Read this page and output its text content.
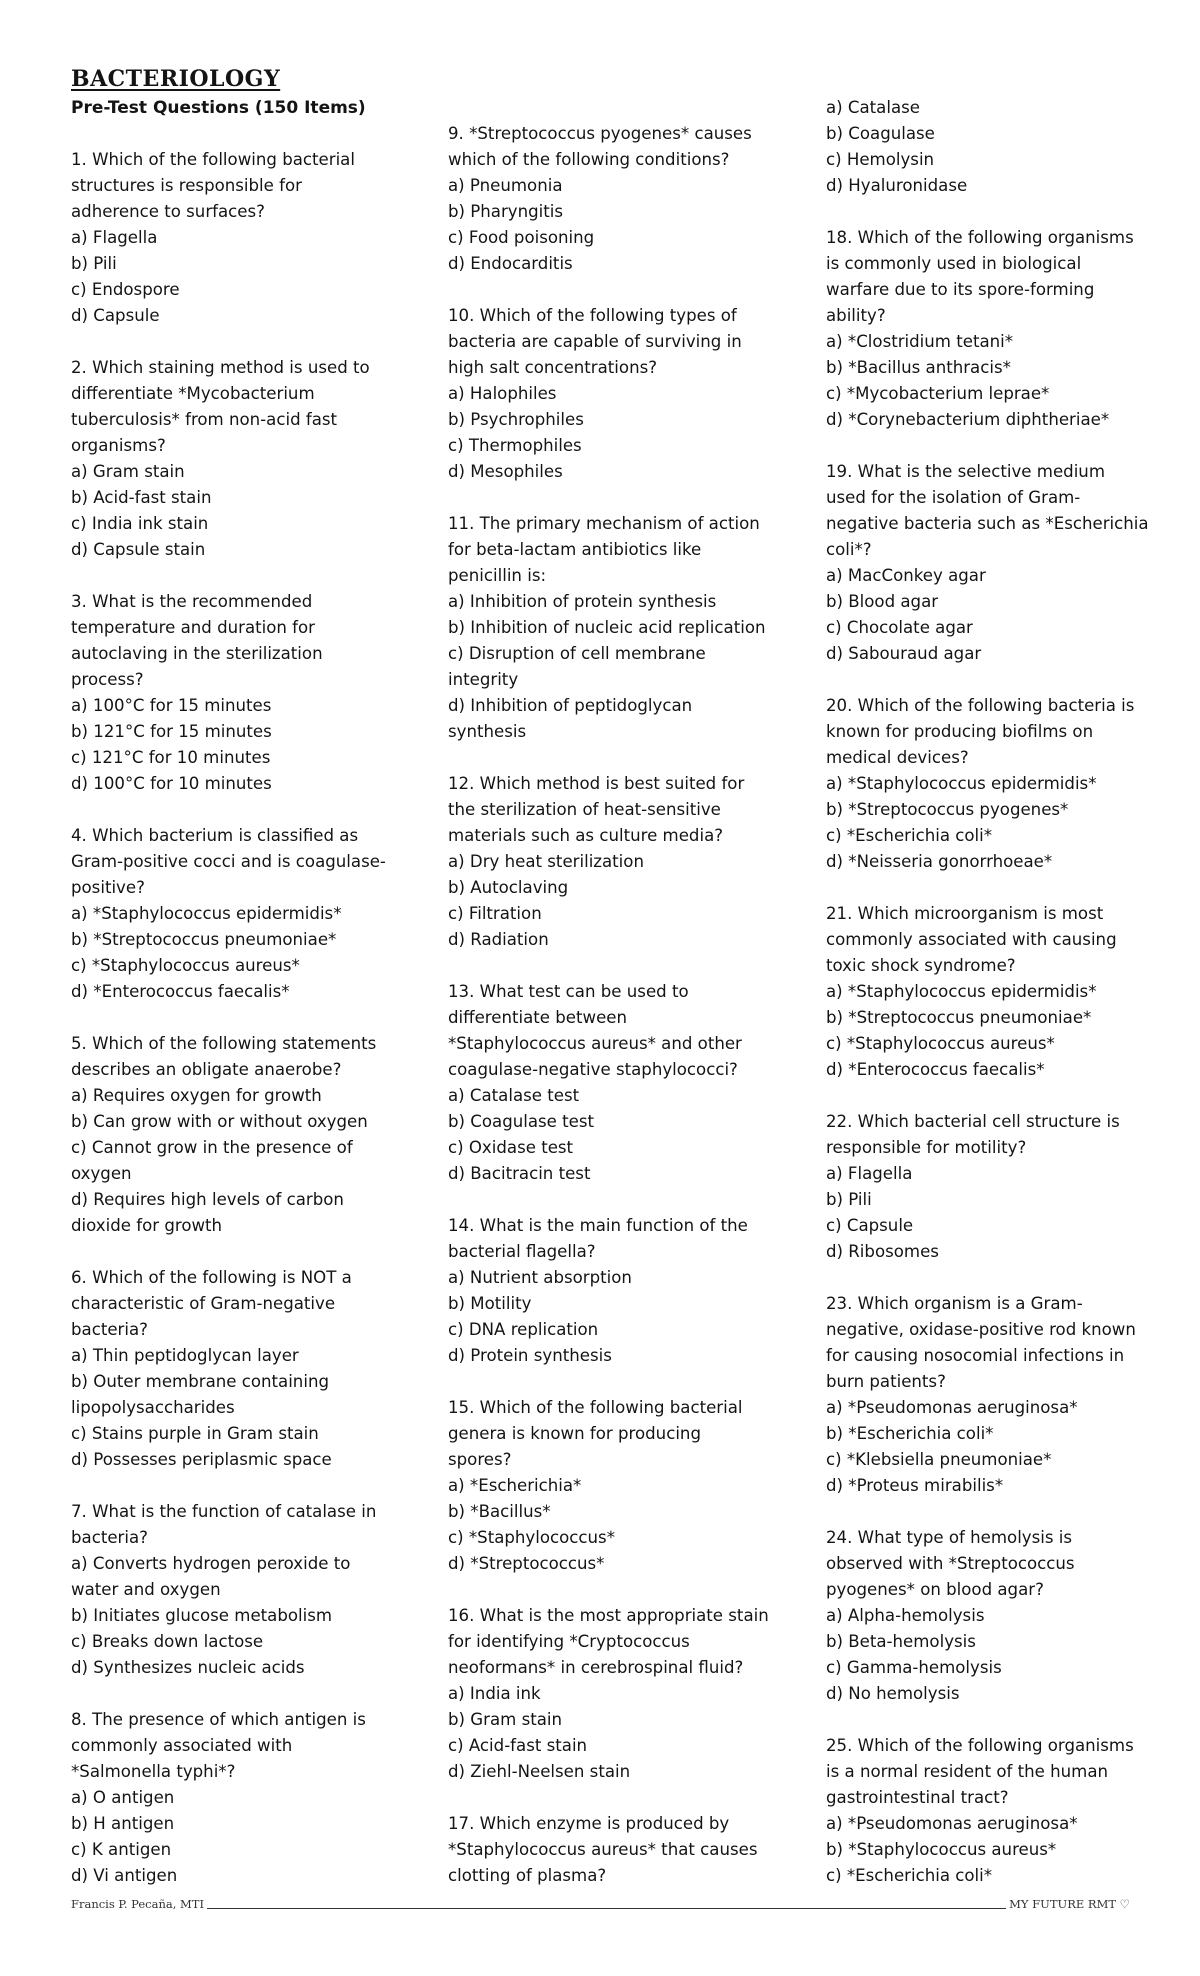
BACTERIOLOGY
Pre-Test Questions (150 Items)
1. Which of the following bacterial
structures is responsible for
adherence to surfaces?
a) Flagella
b) Pili
c) Endospore
d) Capsule
2. Which staining method is used to
differentiate *Mycobacterium
tuberculosis* from non-acid fast
organisms?
a) Gram stain
b) Acid-fast stain
c) India ink stain
d) Capsule stain
3. What is the recommended
temperature and duration for
autoclaving in the sterilization
process?
a) 100°C for 15 minutes
b) 121°C for 15 minutes
c) 121°C for 10 minutes
d) 100°C for 10 minutes
4. Which bacterium is classified as
Gram-positive cocci and is coagulase-
positive?
a) *Staphylococcus epidermidis*
b) *Streptococcus pneumoniae*
c) *Staphylococcus aureus*
d) *Enterococcus faecalis*
5. Which of the following statements
describes an obligate anaerobe?
a) Requires oxygen for growth
b) Can grow with or without oxygen
c) Cannot grow in the presence of
oxygen
d) Requires high levels of carbon
dioxide for growth
6. Which of the following is NOT a
characteristic of Gram-negative
bacteria?
a) Thin peptidoglycan layer
b) Outer membrane containing
lipopolysaccharides
c) Stains purple in Gram stain
d) Possesses periplasmic space
7. What is the function of catalase in
bacteria?
a) Converts hydrogen peroxide to
water and oxygen
b) Initiates glucose metabolism
c) Breaks down lactose
d) Synthesizes nucleic acids
8. The presence of which antigen is
commonly associated with
*Salmonella typhi*?
a) O antigen
b) H antigen
c) K antigen
d) Vi antigen
9. *Streptococcus pyogenes* causes
which of the following conditions?
a) Pneumonia
b) Pharyngitis
c) Food poisoning
d) Endocarditis
10. Which of the following types of
bacteria are capable of surviving in
high salt concentrations?
a) Halophiles
b) Psychrophiles
c) Thermophiles
d) Mesophiles
11. The primary mechanism of action
for beta-lactam antibiotics like
penicillin is:
a) Inhibition of protein synthesis
b) Inhibition of nucleic acid replication
c) Disruption of cell membrane
integrity
d) Inhibition of peptidoglycan
synthesis
12. Which method is best suited for
the sterilization of heat-sensitive
materials such as culture media?
a) Dry heat sterilization
b) Autoclaving
c) Filtration
d) Radiation
13. What test can be used to
differentiate between
*Staphylococcus aureus* and other
coagulase-negative staphylococci?
a) Catalase test
b) Coagulase test
c) Oxidase test
d) Bacitracin test
14. What is the main function of the
bacterial flagella?
a) Nutrient absorption
b) Motility
c) DNA replication
d) Protein synthesis
15. Which of the following bacterial
genera is known for producing
spores?
a) *Escherichia*
b) *Bacillus*
c) *Staphylococcus*
d) *Streptococcus*
16. What is the most appropriate stain
for identifying *Cryptococcus
neoformans* in cerebrospinal fluid?
a) India ink
b) Gram stain
c) Acid-fast stain
d) Ziehl-Neelsen stain
17. Which enzyme is produced by
*Staphylococcus aureus* that causes
clotting of plasma?
a) Catalase
b) Coagulase
c) Hemolysin
d) Hyaluronidase
18. Which of the following organisms
is commonly used in biological
warfare due to its spore-forming
ability?
a) *Clostridium tetani*
b) *Bacillus anthracis*
c) *Mycobacterium leprae*
d) *Corynebacterium diphtheriae*
19. What is the selective medium
used for the isolation of Gram-
negative bacteria such as *Escherichia
coli*?
a) MacConkey agar
b) Blood agar
c) Chocolate agar
d) Sabouraud agar
20. Which of the following bacteria is
known for producing biofilms on
medical devices?
a) *Staphylococcus epidermidis*
b) *Streptococcus pyogenes*
c) *Escherichia coli*
d) *Neisseria gonorrhoeae*
21. Which microorganism is most
commonly associated with causing
toxic shock syndrome?
a) *Staphylococcus epidermidis*
b) *Streptococcus pneumoniae*
c) *Staphylococcus aureus*
d) *Enterococcus faecalis*
22. Which bacterial cell structure is
responsible for motility?
a) Flagella
b) Pili
c) Capsule
d) Ribosomes
23. Which organism is a Gram-
negative, oxidase-positive rod known
for causing nosocomial infections in
burn patients?
a) *Pseudomonas aeruginosa*
b) *Escherichia coli*
c) *Klebsiella pneumoniae*
d) *Proteus mirabilis*
24. What type of hemolysis is
observed with *Streptococcus
pyogenes* on blood agar?
a) Alpha-hemolysis
b) Beta-hemolysis
c) Gamma-hemolysis
d) No hemolysis
25. Which of the following organisms
is a normal resident of the human
gastrointestinal tract?
a) *Pseudomonas aeruginosa*
b) *Staphylococcus aureus*
c) *Escherichia coli*
Francis P. Pecaña, MTI	MY FUTURE RMT ♡
